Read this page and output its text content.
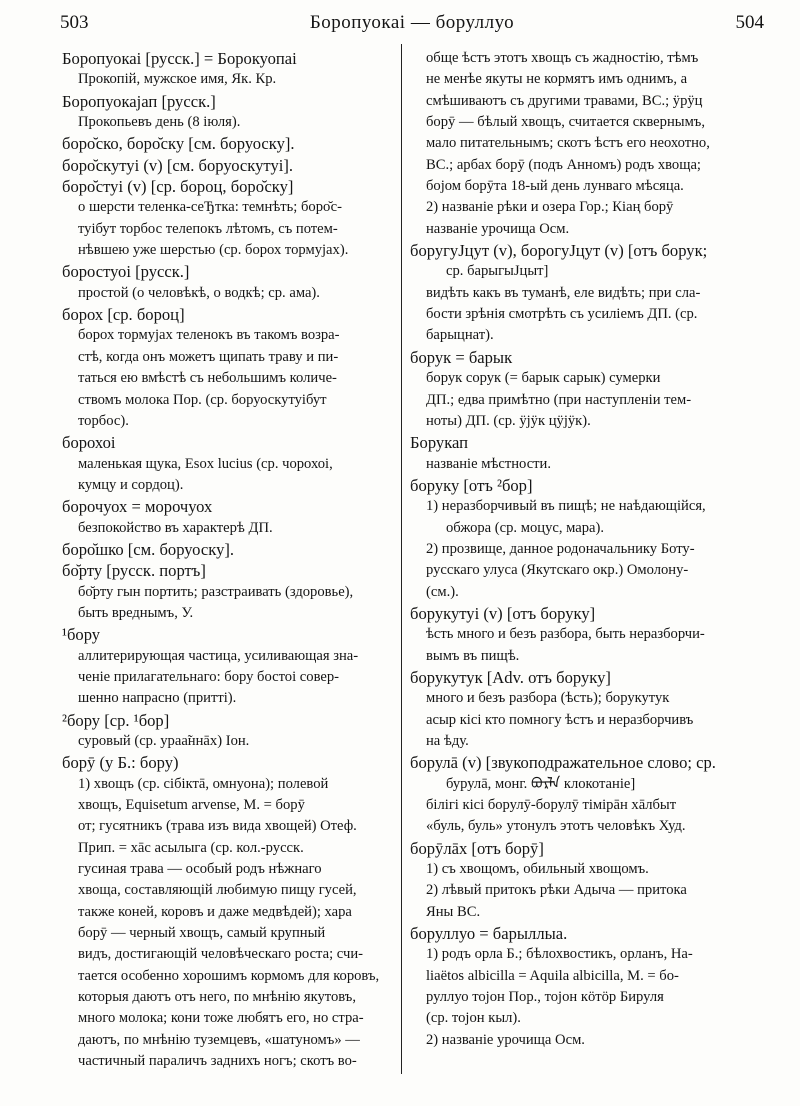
503	Боропуокаі — боруллуо	504
Боропуокаі [русск.] = Борокуопаі
Прокопій, мужское имя, Як. Кр.
Боропуокајап [русск.]
Прокопьевъ день (8 іюля).
боро̆ско, боро̆ску [см. боруоску].
боро̆скутуі (v) [см. боруоскутуі].
боро̆стуі (v) [ср. бороц, боро̆ску]
о шерсти теленка-сеЂтка: темнѣть; боро̆с-
туібут торбос телепокъ лѣтомъ, съ потем-
нѣвшею уже шерстью (ср. борох тормујах).
боростуоі [русск.]
простой (о человѣкѣ, о водкѣ; ср. ама).
борох [ср. бороц]
борох тормујах теленокъ въ такомъ возра-
стѣ, когда онъ можетъ щипать траву и пи-
таться ею вмѣстѣ съ небольшимъ количе-
ствомъ молока Пор. (ср. боруоскутуібут
торбос).
борохоі
маленькая щука, Esox lucius (ср. чорохоі,
кумцу и сордоц).
борочуох = морочуох
безпокойство въ характерѣ ДП.
боро̆шко [см. боруоску].
бо̆рту [русск. портъ]
бо̆рту гын портить; разстраивать (здоровье),
быть вреднымъ, У.
¹бору
аллитерирующая частица, усиливающая зна-
ченіе прилагательнаго: бору бостоі совер-
шенно напрасно (приттi).
²бору [ср. ¹бор]
суровый (ср. ураа̃ннāх) Іон.
борӯ (у Б.: бору)
1) хвощъ (ср. сібіктā, омнуона); полевой
хвощъ, Equisetum arvense, М. = борӯ
от; гусятникъ (трава изъ вида хвощей) Отеф.
Прип. = хāс асылыга (ср. кол.-русск.
гусиная трава — особый родъ нѣжнаго
хвоща, составляющій любимую пищу гусей,
также коней, коровъ и даже медвѣдей); хара
борӯ — черный хвощъ, самый крупный
видъ, достигающій человѣческаго роста; счи-
тается особенно хорошимъ кормомъ для коровъ,
которыя даютъ отъ него, по мнѣнію якутовъ,
много молока; кони тоже любятъ его, но стра-
даютъ, по мнѣнію туземцевъ, «шатуномъ» —
частичный параличъ заднихъ ногъ; скотъ во-
обще ѣстъ этотъ хвощъ съ жадностію, тѣмъ
не менѣе якуты не кормятъ имъ однимъ, а
смѣшиваютъ съ другими травами, ВС.; ӱрӱц
борӯ — бѣлый хвощъ, считается сквернымъ,
мало питательнымъ; скотъ ѣстъ его неохотно,
ВС.; арбах борӯ (подъ Анномъ) родъ хвоща;
бојом борӯта 18-ый день лунваго мѣсяца.
2) названіе рѣки и озера Гор.; Кіаң борӯ
названіе урочища Осм.
боругуЈцут (v), борогуЈцут (v) [отъ борук;
ср. барыгыЈцыт]
видѣть какъ въ туманѣ, еле видѣть; при сла-
бости зрѣнія смотрѣть съ усиліемъ ДП. (ср.
барыцнат).
борук = барык
борук сорук (= барык сарык) сумерки
ДП.; едва примѣтно (при наступленіи тем-
ноты) ДП. (ср. ӱјӱк цӱјӱк).
Борукап
названіе мѣстности.
боруку [отъ ²бор]
1) неразборчивый въ пищѣ; не наѣдающійся,
обжора (ср. моцус, мара).
2) прозвище, данное родоначальнику Боту-
русскаго улуса (Якутскаго окр.) Омолону-
(см.).
борукутуі (v) [отъ боруку]
ѣсть много и безъ разбора, быть неразборчи-
вымъ въ пищѣ.
борукутук [Adv. отъ боруку]
много и безъ разбора (ѣсть); борукутук
асыр кісі кто помногу ѣстъ и неразборчивъ
на ѣду.
борулā (v) [звукоподражательное слово; ср.
бурулā, монг. ᠪᠤᠷᠯᠠ клокотаніе]
білігі кісі борулӯ-борулӯ тімірāн хāлбыт
«буль, буль» утонулъ этотъ человѣкъ Худ.
борӯлāх [отъ борӯ]
1) съ хвощомъ, обильный хвощомъ.
2) лѣвый притокъ рѣки Адыча — притока
Яны ВС.
боруллуо = барыллыа.
1) родъ орла Б.; бѣлохвостикъ, орланъ, Ha-
liaëtos albicilla = Aquila albicilla, М. = бо-
руллуо тојон Пор., тојон кӧтӧр Бируля
(ср. тојон кыл).
2) названіе урочища Осм.
